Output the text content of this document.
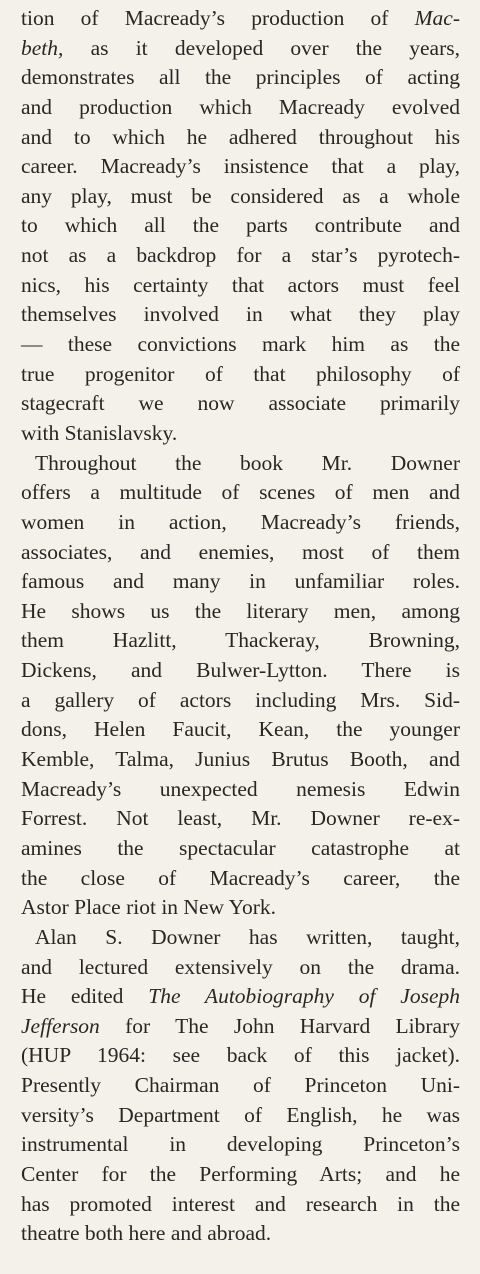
tion of Macready’s production of Mac-
beth, as it developed over the years,
demonstrates all the principles of acting
and production which Macready evolved
and to which he adhered throughout his
career. Macready’s insistence that a play,
any play, must be considered as a whole
to which all the parts contribute and
not as a backdrop for a star’s pyrotech-
nics, his certainty that actors must feel
themselves involved in what they play
— these convictions mark him as the
true progenitor of that philosophy of
stagecraft we now associate primarily
with Stanislavsky.
Throughout the book Mr. Downer
offers a multitude of scenes of men and
women in action, Macready’s friends,
associates, and enemies, most of them
famous and many in unfamiliar roles.
He shows us the literary men, among
them Hazlitt, Thackeray, Browning,
Dickens, and Bulwer-Lytton. There is
a gallery of actors including Mrs. Sid-
dons, Helen Faucit, Kean, the younger
Kemble, Talma, Junius Brutus Booth, and
Macready’s unexpected nemesis Edwin
Forrest. Not least, Mr. Downer re-ex-
amines the spectacular catastrophe at
the close of Macready’s career, the
Astor Place riot in New York.
Alan S. Downer has written, taught,
and lectured extensively on the drama.
He edited The Autobiography of Joseph
Jefferson for The John Harvard Library
(HUP 1964: see back of this jacket).
Presently Chairman of Princeton Uni-
versity’s Department of English, he was
instrumental in developing Princeton’s
Center for the Performing Arts; and he
has promoted interest and research in the
theatre both here and abroad.
